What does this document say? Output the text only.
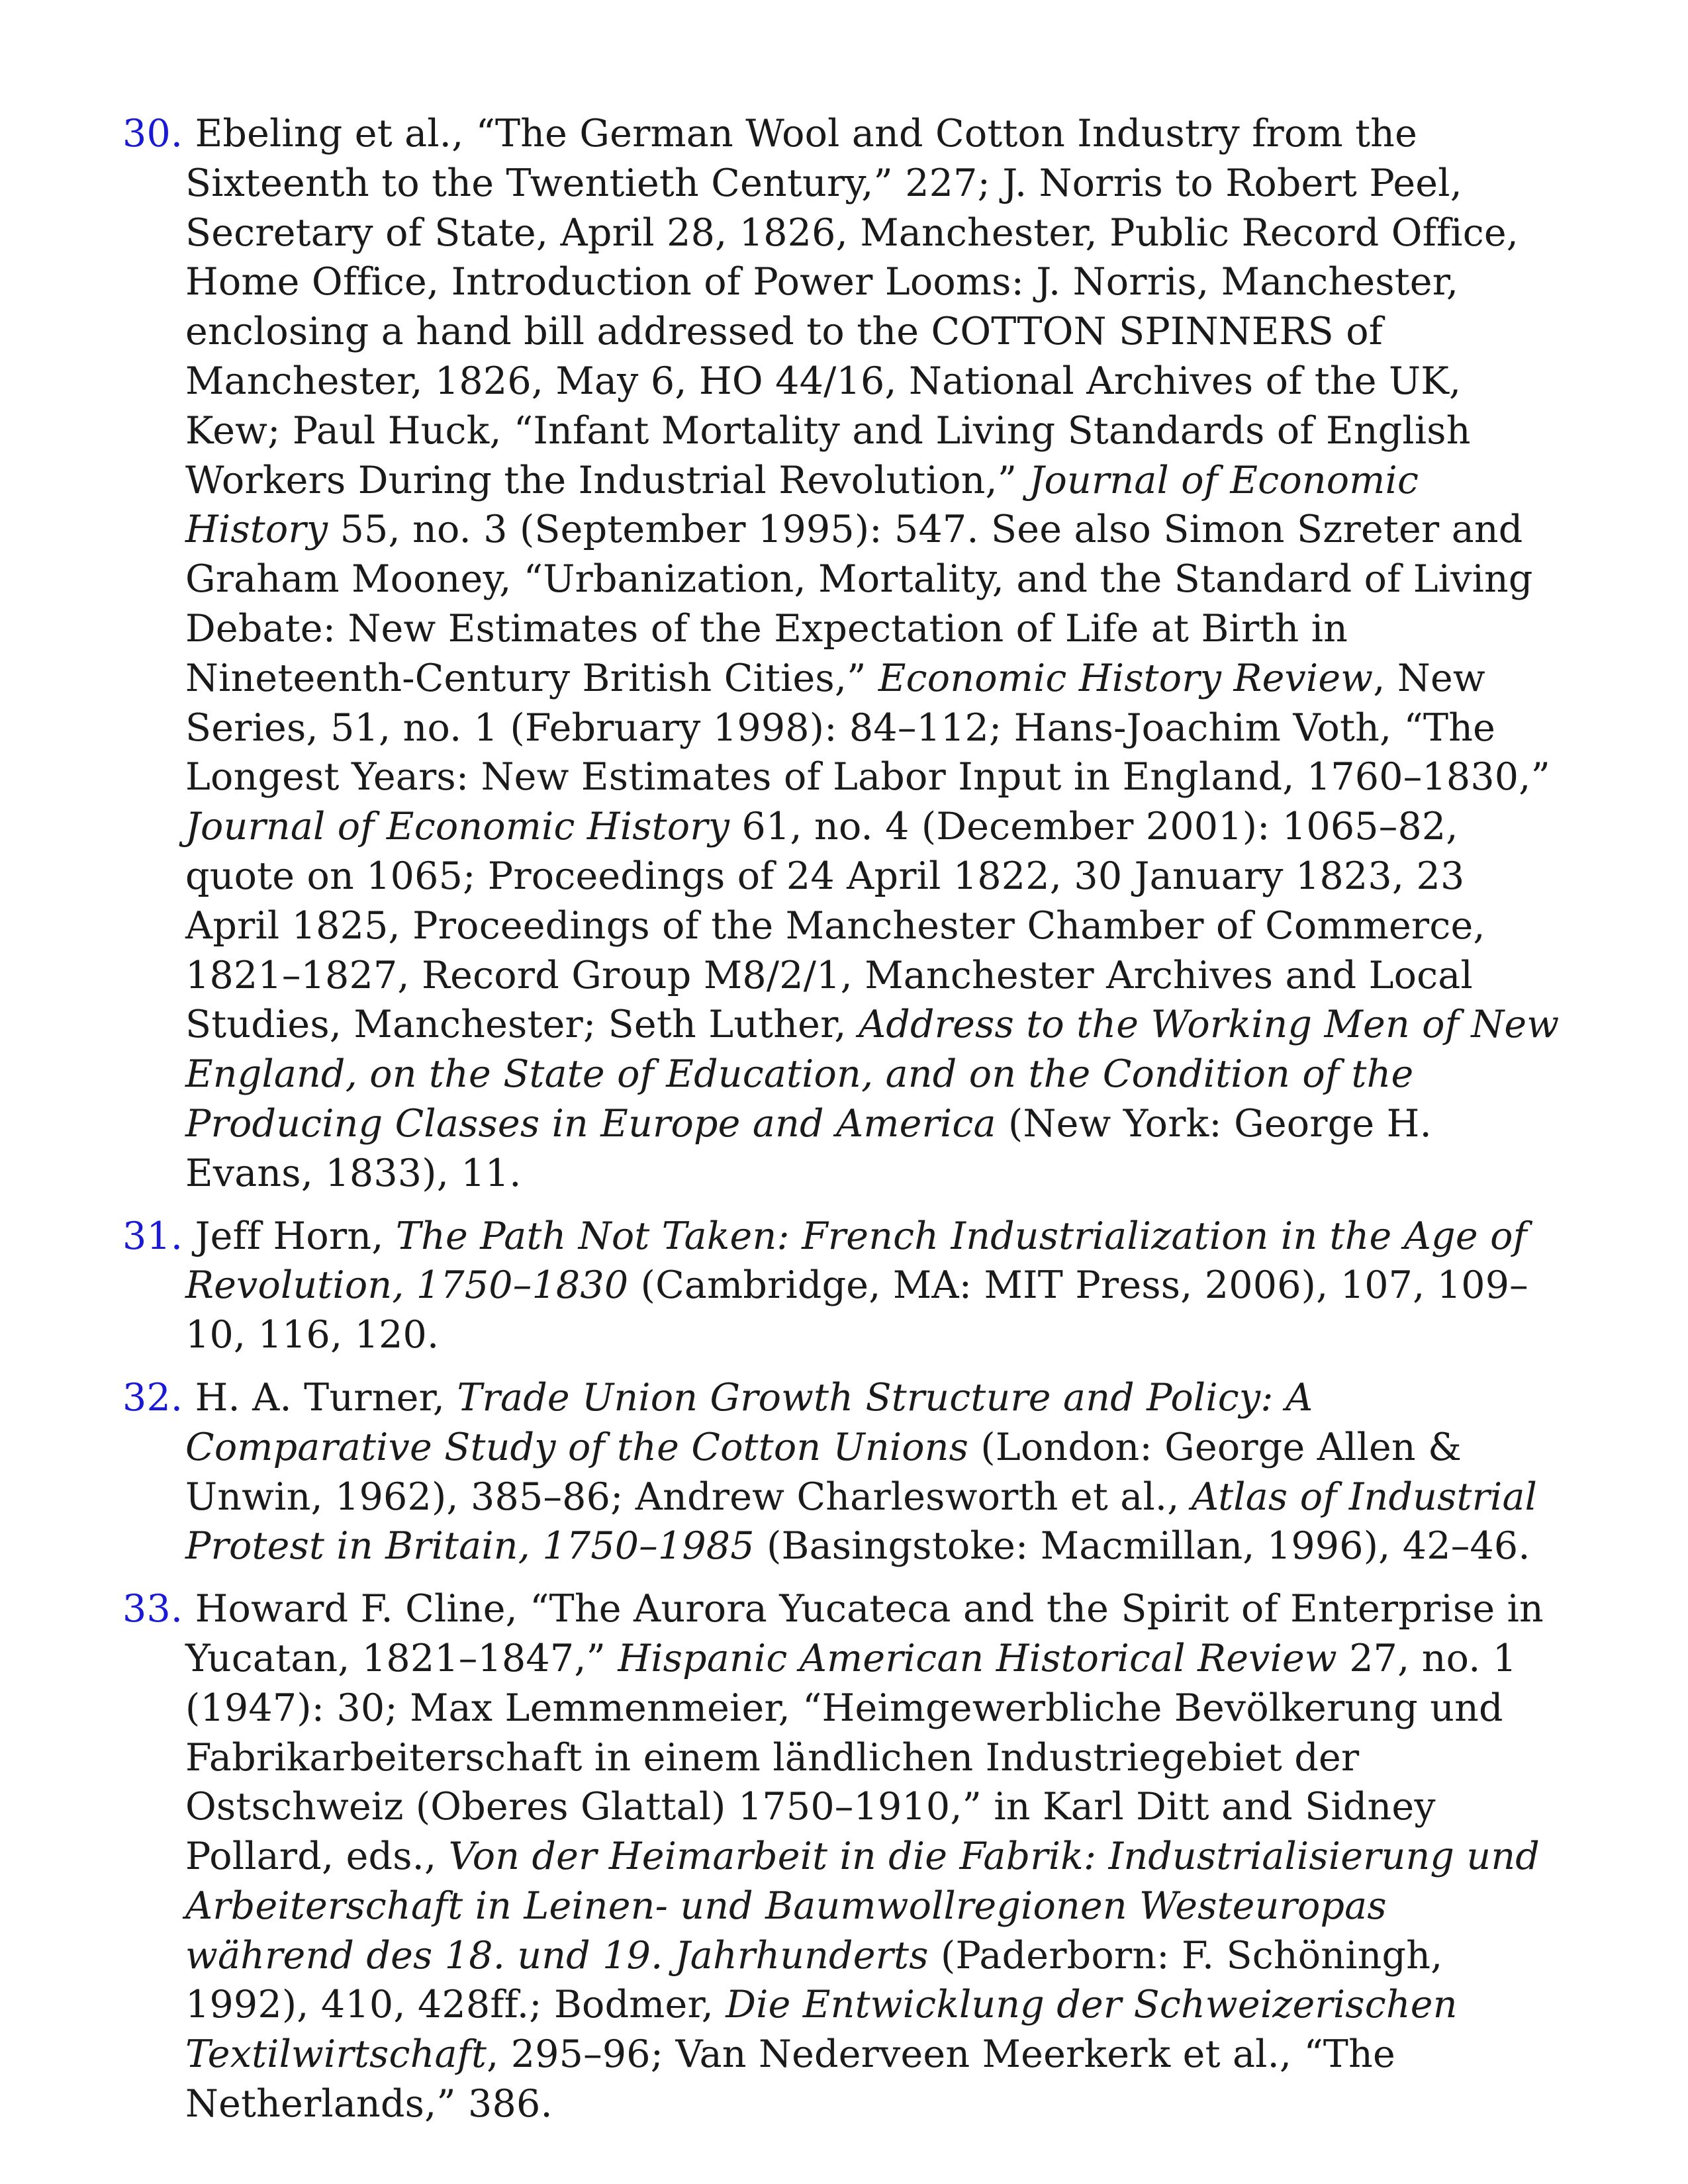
30. Ebeling et al., “The German Wool and Cotton Industry from the Sixteenth to the Twentieth Century,” 227; J. Norris to Robert Peel, Secretary of State, April 28, 1826, Manchester, Public Record Office, Home Office, Introduction of Power Looms: J. Norris, Manchester, enclosing a hand bill addressed to the COTTON SPINNERS of Manchester, 1826, May 6, HO 44/16, National Archives of the UK, Kew; Paul Huck, “Infant Mortality and Living Standards of English Workers During the Industrial Revolution,” Journal of Economic History 55, no. 3 (September 1995): 547. See also Simon Szreter and Graham Mooney, “Urbanization, Mortality, and the Standard of Living Debate: New Estimates of the Expectation of Life at Birth in Nineteenth-Century British Cities,” Economic History Review, New Series, 51, no. 1 (February 1998): 84–112; Hans-Joachim Voth, “The Longest Years: New Estimates of Labor Input in England, 1760–1830,” Journal of Economic History 61, no. 4 (December 2001): 1065–82, quote on 1065; Proceedings of 24 April 1822, 30 January 1823, 23 April 1825, Proceedings of the Manchester Chamber of Commerce, 1821–1827, Record Group M8/2/1, Manchester Archives and Local Studies, Manchester; Seth Luther, Address to the Working Men of New England, on the State of Education, and on the Condition of the Producing Classes in Europe and America (New York: George H. Evans, 1833), 11.

31. Jeff Horn, The Path Not Taken: French Industrialization in the Age of Revolution, 1750–1830 (Cambridge, MA: MIT Press, 2006), 107, 109–10, 116, 120.

32. H. A. Turner, Trade Union Growth Structure and Policy: A Comparative Study of the Cotton Unions (London: George Allen & Unwin, 1962), 385–86; Andrew Charlesworth et al., Atlas of Industrial Protest in Britain, 1750–1985 (Basingstoke: Macmillan, 1996), 42–46.

33. Howard F. Cline, “The Aurora Yucateca and the Spirit of Enterprise in Yucatan, 1821–1847,” Hispanic American Historical Review 27, no. 1 (1947): 30; Max Lemmenmeier, “Heimgewerbliche Bevölkerung und Fabrikarbeiterschaft in einem ländlichen Industriegebiet der Ostschweiz (Oberes Glattal) 1750–1910,” in Karl Ditt and Sidney Pollard, eds., Von der Heimarbeit in die Fabrik: Industrialisierung und Arbeiterschaft in Leinen- und Baumwollregionen Westeuropas während des 18. und 19. Jahrhunderts (Paderborn: F. Schöningh, 1992), 410, 428ff.; Bodmer, Die Entwicklung der Schweizerischen Textilwirtschaft, 295–96; Van Nederveen Meerkerk et al., “The Netherlands,” 386.
